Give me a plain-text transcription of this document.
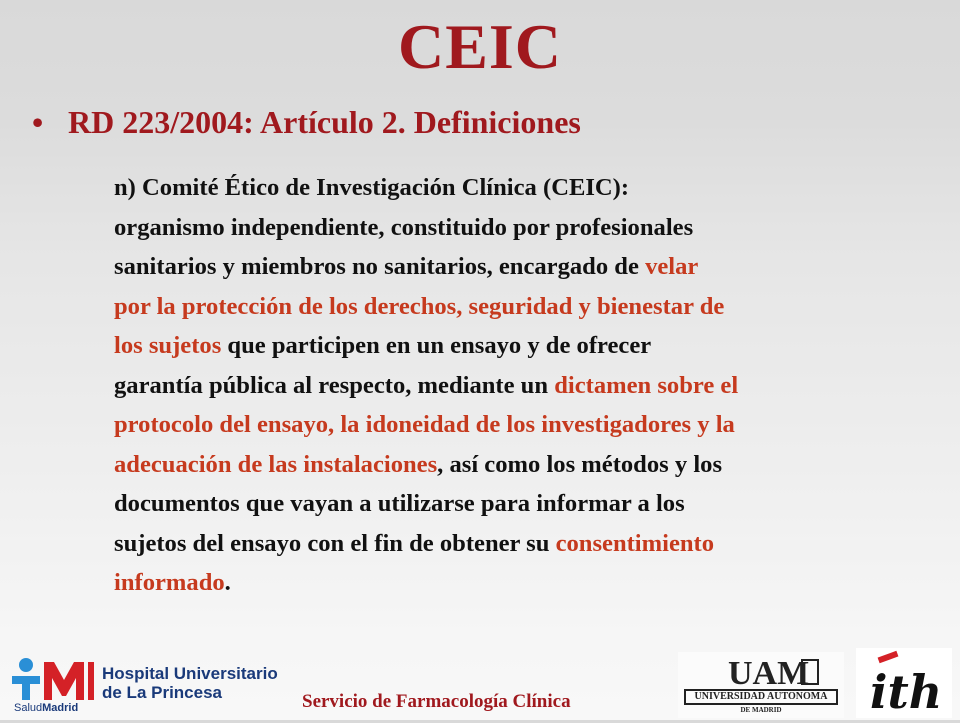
CEIC
• RD 223/2004: Artículo 2. Definiciones
n) Comité Ético de Investigación Clínica (CEIC):
organismo independiente, constituido por profesionales
sanitarios y miembros no sanitarios, encargado de velar
por la protección de los derechos, seguridad y bienestar de
los sujetos que participen en un ensayo y de ofrecer
garantía pública al respecto, mediante un dictamen sobre el
protocolo del ensayo, la idoneidad de los investigadores y la
adecuación de las instalaciones, así como los métodos y los
documentos que vayan a utilizarse para informar a los
sujetos del ensayo con el fin de obtener su consentimiento
informado.
Hospital Universitario
de La Princesa
SaludMadrid	Servicio de Farmacología Clínica
UAM
UNIVERSIDAD AUTONOMA
DE MADRID	ith
